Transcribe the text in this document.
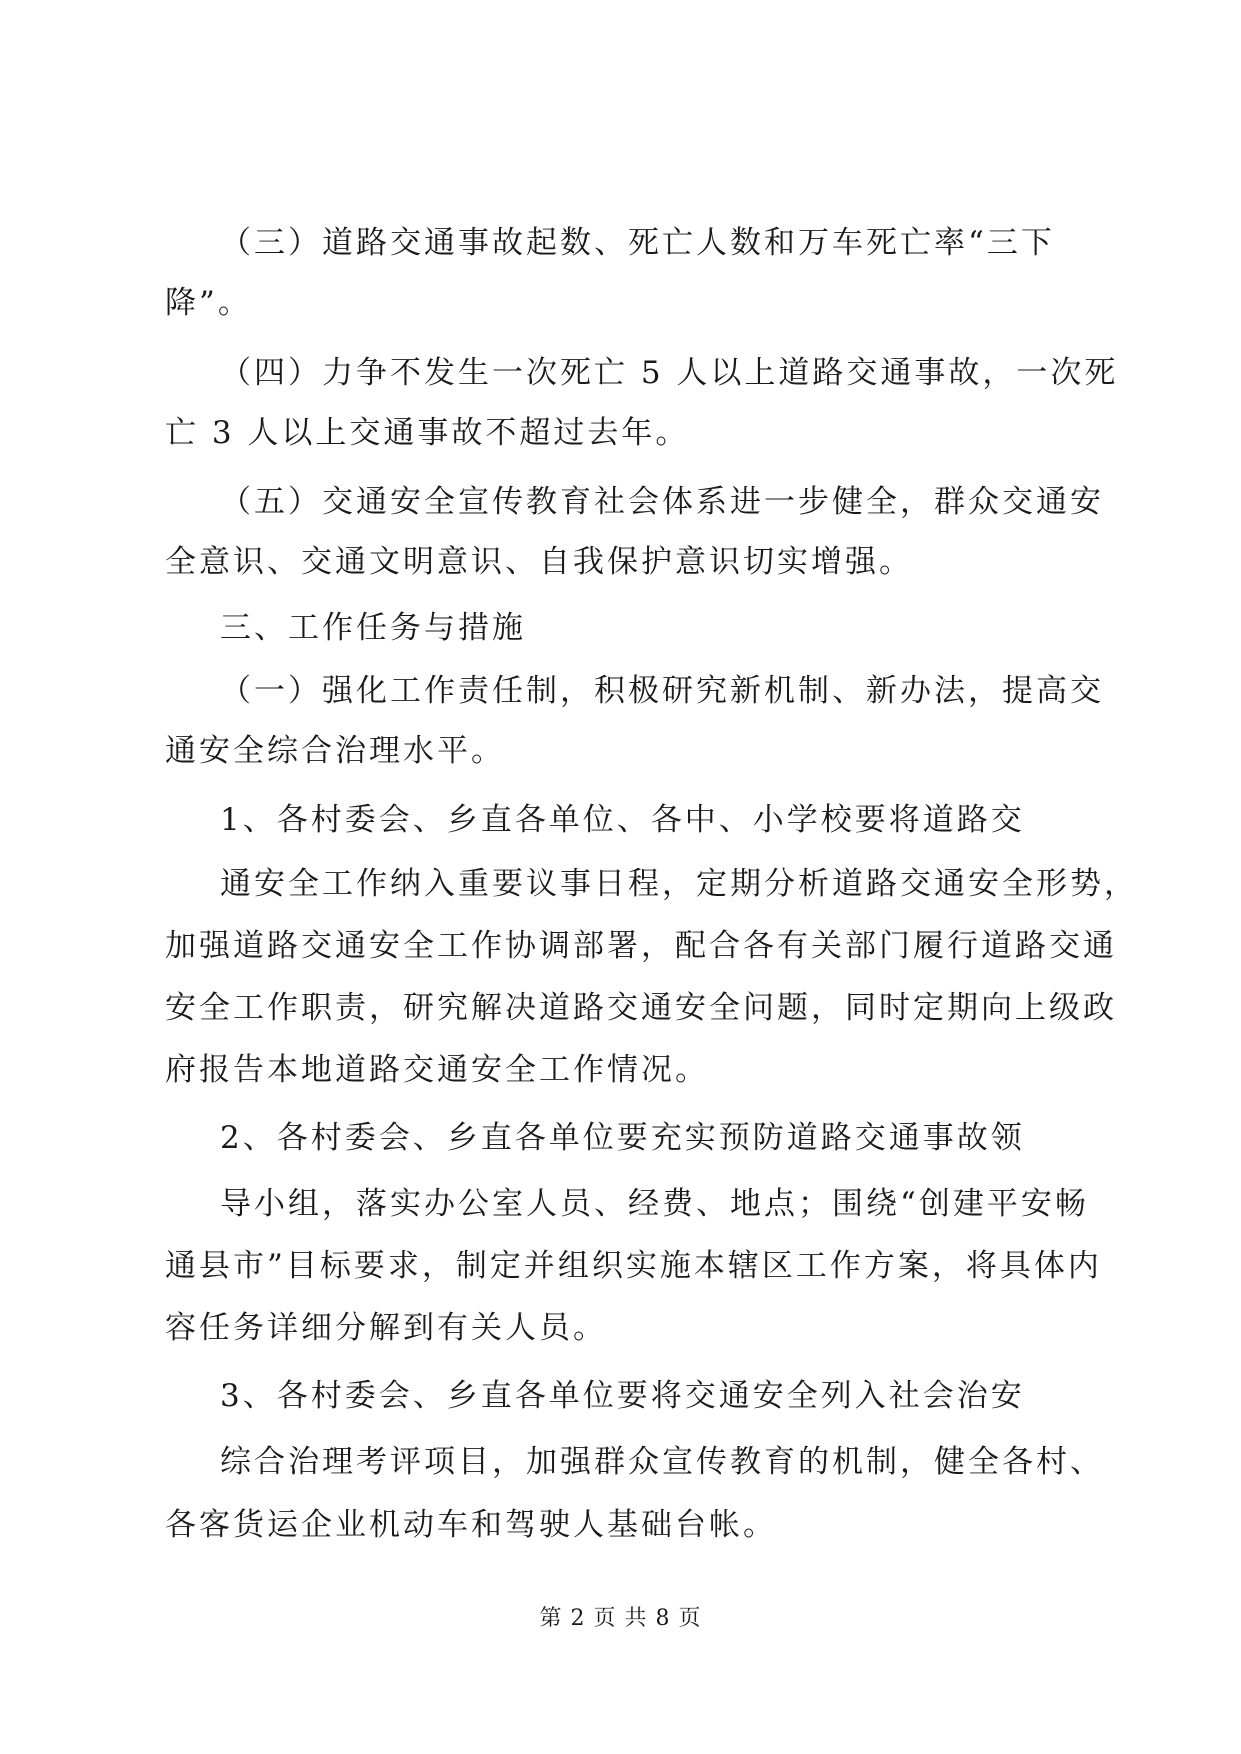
（三）道路交通事故起数、死亡人数和万车死亡率“三下

降”。

（四）力争不发生一次死亡 5 人以上道路交通事故，一次死

亡 3 人以上交通事故不超过去年。

（五）交通安全宣传教育社会体系进一步健全，群众交通安

全意识、交通文明意识、自我保护意识切实增强。

三、工作任务与措施

（一）强化工作责任制，积极研究新机制、新办法，提高交

通安全综合治理水平。

1、各村委会、乡直各单位、各中、小学校要将道路交

通安全工作纳入重要议事日程，定期分析道路交通安全形势，

加强道路交通安全工作协调部署，配合各有关部门履行道路交通

安全工作职责，研究解决道路交通安全问题，同时定期向上级政

府报告本地道路交通安全工作情况。

2、各村委会、乡直各单位要充实预防道路交通事故领

导小组，落实办公室人员、经费、地点；围绕“创建平安畅

通县市”目标要求，制定并组织实施本辖区工作方案，将具体内

容任务详细分解到有关人员。

3、各村委会、乡直各单位要将交通安全列入社会治安

综合治理考评项目，加强群众宣传教育的机制，健全各村、

各客货运企业机动车和驾驶人基础台帐。

第 2 页 共 8 页
